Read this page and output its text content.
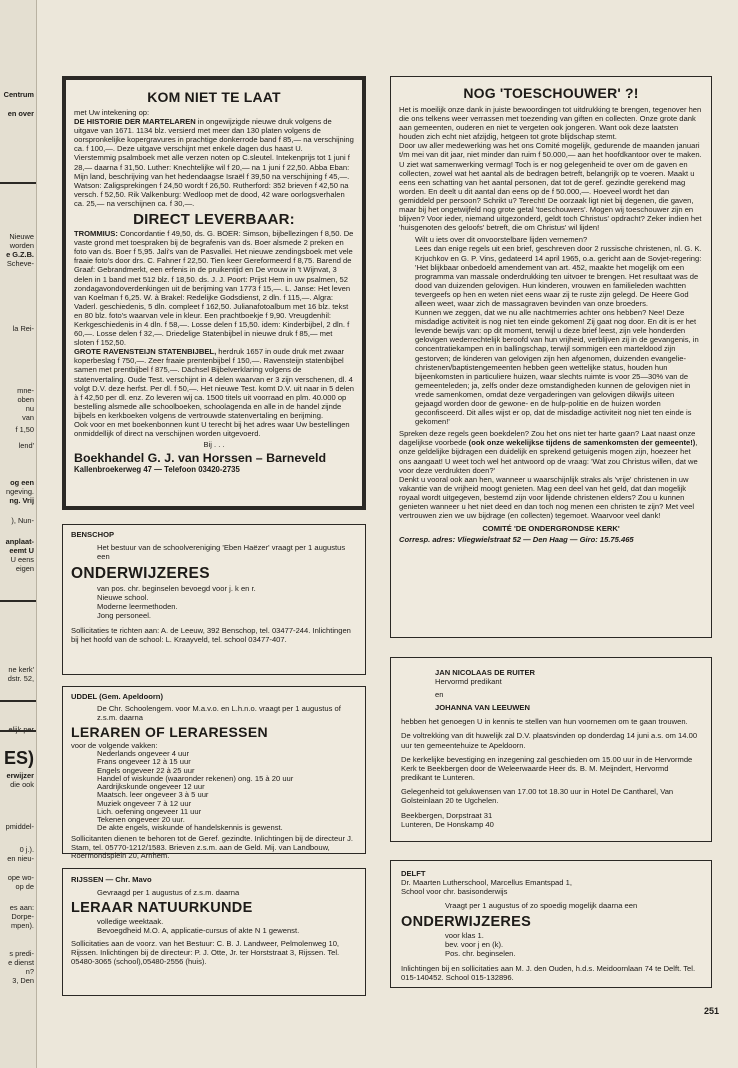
Centrum
en over
Nieuwe
worden
e G.Z.B.
Scheve-
la Rei-
mne-
oben
nu
van
f 1,50
lend'
og een
ngeving.
ng. Vrij
), Nun-
anplaat-
eemt U
U eens
eigen
ne kerk'
dstr. 52,
ES)
erwijzer
die ook
pmiddel-
0 j.).
en nieu-
ope wo-
op de
es aan:
Dorpe-
mpen).
s predi-
e dienst
n?
3, Den
KOM NIET TE LAAT

met Uw intekening op:

DE HISTORIE DER MARTELAREN in ongewijzigde nieuwe druk volgens de uitgave van 1671. 1134 blz. versierd met meer dan 130 platen volgens de oorspronkelijke kopergravures in prachtige donkerrode band f 85,— na verschijning ca. f 100,—. Deze uitgave verschijnt met enkele dagen dus haast U.

Vierstemmig psalmboek met alle verzen noten op C.sleutel. Intekenprijs tot 1 juni f 28,— daarna f 31,50. Luther: Knechtelijke wil f 20,— na 1 juni f 22,50. Abba Eban: Mijn land, beschrijving van het hedendaagse Israël f 39,50 na verschijning f 45,—. Watson: Zaligsprekingen f 24,50 wordt f 26,50. Rutherford: 352 brieven f 42,50 na versch. f 52,50. Rik Valkenburg: Wedloop met de dood, 42 ware oorlogsverhalen ca. 25,— na verschijnen ca. f 30,—.

DIRECT LEVERBAAR:

TROMMIUS: Concordantie f 49,50, ds. G. BOER: Simson, bijbellezingen f 8,50. De vaste grond met toespraken bij de begrafenis van ds. Boer alsmede 2 preken en foto van ds. Boer f 5,95. Jali's van de Pasvallei. Het nieuwe zendingsboek met vele fraaie foto's door drs. C. Fahner f 22,50. Tien keer Gereformeerd f 8,75. Barend de Graaf: Gebrandmerkt, een erfenis in de pruikentijd en De vrouw in 't Wijnvat, 3 delen in 1 band met 512 blz. f 18,50. ds. J. J. Poort: Prijst Hem in uw psalmen, 52 zondagavondoverdenkingen uit de berijming van 1773 f 15,—. L. Janse: Het leven van Koelman f 6,25. W. à Brakel: Redelijke Godsdienst, 2 dln. f 115,—. Algra: Vaderl. geschiedenis, 5 dln. compleet f 162,50. Julianafotoalbum met 16 blz. tekst en 80 blz. foto's waarvan vele in kleur. Een prachtboekje f 9,90. Vreugdenhil: Kerkgeschiedenis in 4 dln. f 58,—. Losse delen f 15,50. idem: Kinderbijbel, 2 dln. f 60,—. Losse delen f 32,—. Driedelige Statenbijbel in nieuwe druk f 85,— met sloten f 152,50.

GROTE RAVENSTEIJN STATENBIJBEL, herdruk 1657 in oude druk met zwaar koperbeslag f 750,—. Zeer fraaie prentenbijbel f 150,—. Ravensteijn statenbijbel samen met prentbijbel f 875,—. Dächsel Bijbelverklaring volgens de statenvertaling. Oude Test. verschijnt in 4 delen waarvan er 3 zijn verschenen, dl. 4 volgt D.V. deze herfst. Per dl. f 50,—. Het nieuwe Test. komt D.V. uit naar in 5 delen à f 42,50 per dl. enz. Zo leveren wij ca. 1500 titels uit voorraad en plm. 40.000 op bestelling alsmede alle schoolboeken, schoolagenda en alle in de handel zijnde bijbels en kerkboeken volgens de vertrouwde statenvertaling en berijming.

Ook voor en met boekenbonnen kunt U terecht bij het adres waar Uw bestellingen onmiddellijk of direct na verschijnen worden uitgevoerd.

Bij . . .

Boekhandel G. J. van Horssen – Barneveld

Kallenbroekerweg 47 — Telefoon 03420-2735

BENSCHOP

Het bestuur van de schoolvereniging 'Eben Haëzer' vraagt per 1 augustus een

ONDERWIJZERES

van pos. chr. beginselen bevoegd voor j. k en r.

Nieuwe school.

Moderne leermethoden.

Jong personeel.

Sollicitaties te richten aan: A. de Leeuw, 392 Benschop, tel. 03477-244. Inlichtingen bij het hoofd van de school: L. Kraayveld, tel. school 03477-407.

UDDEL (Gem. Apeldoorn)

De Chr. Schoolengem. voor M.a.v.o. en L.h.n.o. vraagt per 1 augustus of z.s.m. daarna

LERAREN OF LERARESSEN

voor de volgende vakken:

Nederlands ongeveer 4 uur

Frans ongeveer 12 à 15 uur

Engels ongeveer 22 à 25 uur

Handel of wiskunde (waaronder rekenen) ong. 15 à 20 uur

Aardrijkskunde ongeveer 12 uur

Maatsch. leer ongeveer 3 à 5 uur

Muziek ongeveer 7 à 12 uur

Lich. oefening ongeveer 11 uur

Tekenen ongeveer 20 uur.

De akte engels, wiskunde of handelskennis is gewenst.

Sollicitanten dienen te behoren tot de Geref. gezindte. Inlichtingen bij de directeur J. Stam, tel. 05770-1212/1583. Brieven z.s.m. aan de Geld. Mij. van Landbouw, Roermondsplein 20, Arnhem.

RIJSSEN — Chr. Mavo

Gevraagd per 1 augustus of z.s.m. daarna

LERAAR NATUURKUNDE

volledige weektaak.

Bevoegdheid M.O. A, applicatie-cursus of akte N 1 gewenst.

Sollicitaties aan de voorz. van het Bestuur: C. B. J. Landweer, Pelmolenweg 10, Rijssen. Inlichtingen bij de directeur: P. J. Otte, Jr. ter Horststraat 3, Rijssen. Tel. 05480-3065 (school),05480-2556 (huis).

NOG 'TOESCHOUWER' ?!

Het is moeilijk onze dank in juiste bewoordingen tot uitdrukking te brengen, tegenover hen die ons telkens weer verrassen met toezending van giften en collecten. Onze grote dank aan gemeenten, ouderen en niet te vergeten ook jongeren. Want ook deze laatsten houden zich echt niet afzijdig, hetgeen tot grote blijdschap stemt.

Door uw aller medewerking was het ons Comité mogelijk, gedurende de maanden januari t/m mei van dit jaar, niet minder dan ruim f 50.000,— aan het hoofdkantoor over te maken. U ziet wat samenwerking vermag! Toch is er nog gelegenheid te over om de gaven en collecten, zowel wat het aantal als de bedragen betreft, belangrijk op te voeren. Maakt u eens een schatting van het aantal personen, dat tot de geref. gezindte gerekend mag worden. En deelt u dit aantal dan eens op de f 50.000,—. Hoeveel wordt het dan gemiddeld per persoon? Schrikt u? Terecht! De oorzaak ligt niet bij degenen, die gaven, maar bij het ongetwijfeld nog grote getal 'toeschouwers'. Mogen wij toeschouwer zijn en blijven? Voor ieder, niemand uitgezonderd, geldt toch Christus' opdracht? Zeker indien het 'huisgenoten des geloofs' betreft, die om Christus' wil lijden!

Wilt u iets over dit onvoorstelbare lijden vernemen?

Lees dan enige regels uit een brief, geschreven door 2 russische christenen, nl. G. K. Krjuchkov en G. P. Vins, gedateerd 14 april 1965, o.a. gericht aan de Sovjet-regering: 'Het blijkbaar onbedoeld amendement van art. 452, maakte het mogelijk om een programma van massale onderdrukking ten uitvoer te brengen. Het resultaat was de dood van duizenden gelovigen. Hun kinderen, vrouwen en familieleden wachtten tevergeefs op hen en weten niet eens waar zij te ruste zijn gelegd. De Heere God alleen weet, waar zich de massagraven bevinden van onze broeders.

Kunnen we zeggen, dat we nu alle nachtmerries achter ons hebben? Nee! Deze misdadige activiteit is nog niet ten einde gekomen! Zij gaat nog door. En dit is er het levende bewijs van: op dit moment, terwijl u deze brief leest, zijn vele honderden gelovigen wederrechtelijk beroofd van hun vrijheid, verblijven zij in de gevangenis, in concentratiekampen en in ballingschap, terwijl sommigen een marteldood zijn gestorven; de kinderen van gelovigen zijn hen afgenomen, duizenden evangelie-christenen/baptistengemeenten hebben geen wettelijke status, houden hun bijeenkomsten in particuliere huizen, waar slechts ruimte is voor 25—30% van de gemeenteleden; ja, zelfs onder deze omstandigheden kunnen de gelovigen niet in vrede samenkomen, omdat deze vergaderingen van gelovigen dikwijls uiteen gejaagd worden door de gewone- en de hulp-politie en de huizen worden geconfisceerd. Dit alles wijst er op, dat de misdadige activiteit nog niet ten einde is gekomen!'

Spreken deze regels geen boekdelen? Zou het ons niet ter harte gaan? Laat naast onze dagelijkse voorbede (ook onze wekelijkse tijdens de samenkomsten der gemeente!), onze geldelijke bijdragen een duidelijk en sprekend getuigenis mogen zijn, hoezeer het ons aangaat! U weet toch wel het antwoord op de vraag: 'Wat zou Christus willen, dat we voor deze verdrukten doen?'

Denkt u vooral ook aan hen, wanneer u waarschijnlijk straks als 'vrije' christenen in uw vakantie van de vrijheid moogt genieten. Mag een deel van het geld, dat dan mogelijk royaal wordt uitgegeven, bestemd zijn voor lijdende christenen elders? Zou u kunnen genieten wanneer u het niet deed en dan toch nog menen een christen te zijn? Met veel vertrouwen zien we uw bijdrage (en collecten) tegemoet. Waarvoor veel dank!

COMITÉ 'DE ONDERGRONDSE KERK'

Corresp. adres: Vliegwielstraat 52 — Den Haag — Giro: 15.75.465

JAN NICOLAAS DE RUITER

Hervormd predikant

en

JOHANNA VAN LEEUWEN

hebben het genoegen U in kennis te stellen van hun voornemen om te gaan trouwen.

De voltrekking van dit huwelijk zal D.V. plaatsvinden op donderdag 14 juni a.s. om 14.00 uur ten gemeentehuize te Apeldoorn.

De kerkelijke bevestiging en inzegening zal geschieden om 15.00 uur in de Hervormde Kerk te Beekbergen door de Weleerwaarde Heer ds. B. M. Meijndert, Hervormd predikant te Lunteren.

Gelegenheid tot gelukwensen van 17.00 tot 18.30 uur in Hotel De Cantharel, Van Golsteinlaan 20 te Ugchelen.

Beekbergen, Dorpstraat 31

Lunteren, De Honskamp 40

DELFT

Dr. Maarten Lutherschool, Marcellus Emantspad 1,

School voor chr. basisonderwijs

Vraagt per 1 augustus of zo spoedig mogelijk daarna een

ONDERWIJZERES

voor klas 1.

bev. voor j en (k).

Pos. chr. beginselen.

Inlichtingen bij en sollicitaties aan M. J. den Ouden, h.d.s. Meidoornlaan 74 te Delft. Tel. 015-140452. School 015-132896.

251
